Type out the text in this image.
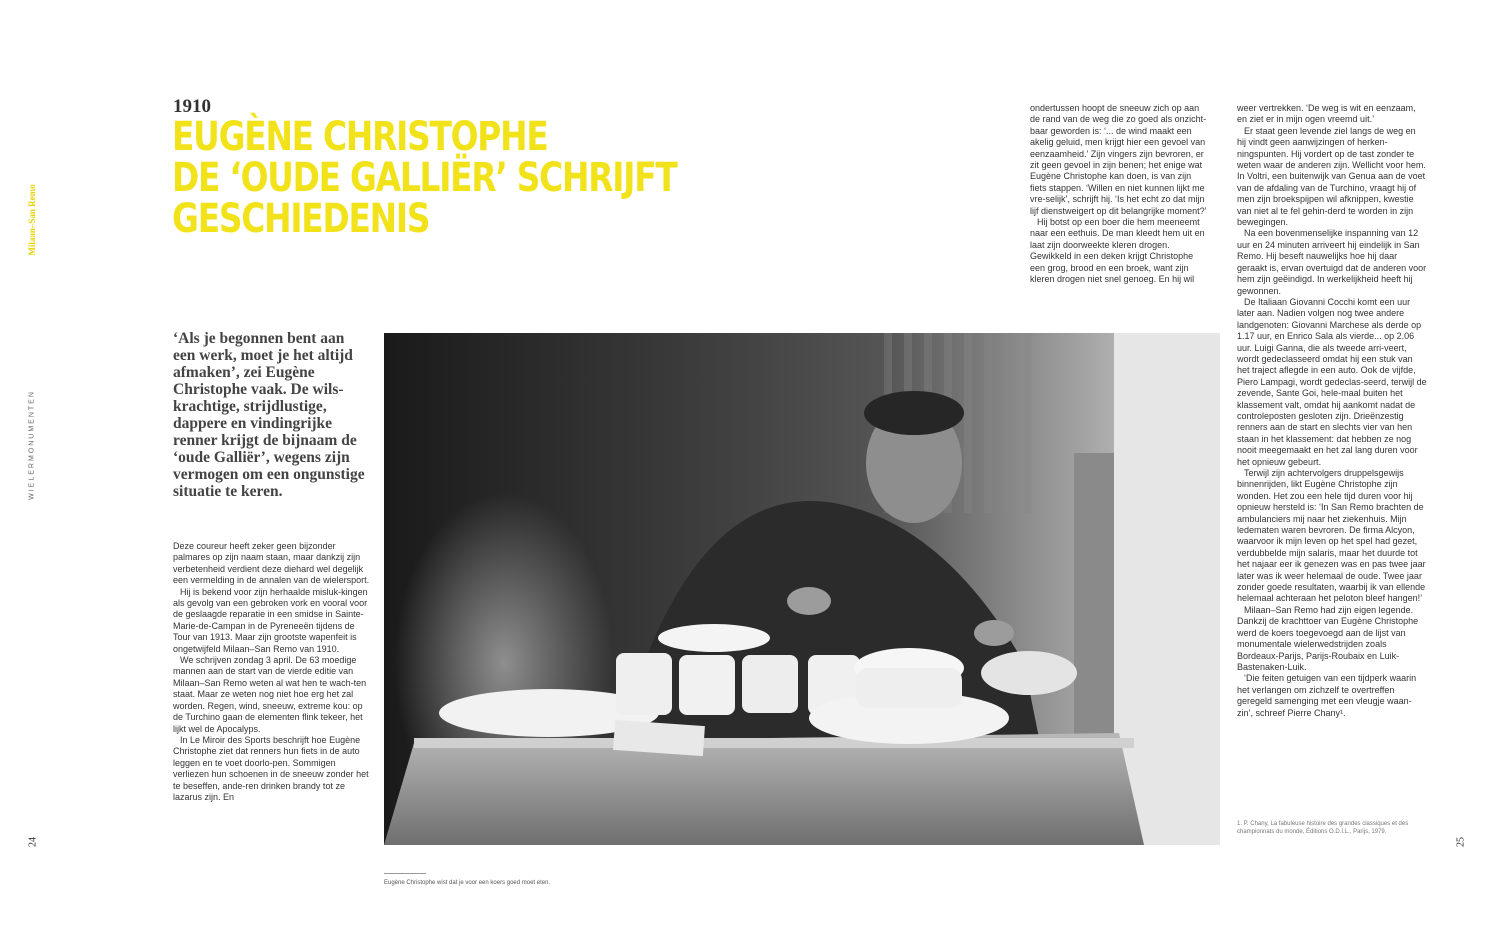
Milaan–San Remo
WIELERMONUMENTEN
24	25
1910
EUGÈNE CHRISTOPHE
DE ‘OUDE GALLIËR’ SCHRIJFT
GESCHIEDENIS
‘Als je begonnen bent aan een werk, moet je het altijd afmaken’, zei Eugène Christophe vaak. De wils-krachtige, strijdlustige, dappere en vindingrijke renner krijgt de bijnaam de ‘oude Galliër’, wegens zijn vermogen om een ongunstige situatie te keren.

Deze coureur heeft zeker geen bijzonder palmares op zijn naam staan, maar dankzij zijn verbetenheid verdient deze diehard wel degelijk een vermelding in de annalen van de wielersport.

Hij is bekend voor zijn herhaalde misluk-kingen als gevolg van een gebroken vork en vooral voor de geslaagde reparatie in een smidse in Sainte-Marie-de-Campan in de Pyreneeën tijdens de Tour van 1913. Maar zijn grootste wapenfeit is ongetwijfeld Milaan–San Remo van 1910.

We schrijven zondag 3 april. De 63 moedige mannen aan de start van de vierde editie van Milaan–San Remo weten al wat hen te wach-ten staat. Maar ze weten nog niet hoe erg het zal worden. Regen, wind, sneeuw, extreme kou: op de Turchino gaan de elementen flink tekeer, het lijkt wel de Apocalyps.

In Le Miroir des Sports beschrijft hoe Eugène Christophe ziet dat renners hun fiets in de auto leggen en te voet doorlo-pen. Sommigen verliezen hun schoenen in de sneeuw zonder het te beseffen, ande-ren drinken brandy tot ze lazarus zijn. En

ondertussen hoopt de sneeuw zich op aan de rand van de weg die zo goed als onzicht-baar geworden is: ‘... de wind maakt een akelig geluid, men krijgt hier een gevoel van eenzaamheid.’ Zijn vingers zijn bevroren, er zit geen gevoel in zijn benen; het enige wat Eugène Christophe kan doen, is van zijn fiets stappen. ‘Willen en niet kunnen lijkt me vre-selijk’, schrijft hij. ‘Is het echt zo dat mijn lijf dienstweigert op dit belangrijke moment?’

Hij botst op een boer die hem meeneemt naar een eethuis. De man kleedt hem uit en laat zijn doorweekte kleren drogen. Gewikkeld in een deken krijgt Christophe een grog, brood en een broek, want zijn kleren drogen niet snel genoeg. En hij wil

weer vertrekken. ‘De weg is wit en eenzaam, en ziet er in mijn ogen vreemd uit.’

Er staat geen levende ziel langs de weg en hij vindt geen aanwijzingen of herken-ningspunten. Hij vordert op de tast zonder te weten waar de anderen zijn. Wellicht voor hem. In Voltri, een buitenwijk van Genua aan de voet van de afdaling van de Turchino, vraagt hij of men zijn broekspijpen wil afknippen, kwestie van niet al te fel gehin-derd te worden in zijn bewegingen.

Na een bovenmenselijke inspanning van 12 uur en 24 minuten arriveert hij eindelijk in San Remo. Hij beseft nauwelijks hoe hij daar geraakt is, ervan overtuigd dat de anderen voor hem zijn geëindigd. In werkelijkheid heeft hij gewonnen.

De Italiaan Giovanni Cocchi komt een uur later aan. Nadien volgen nog twee andere landgenoten: Giovanni Marchese als derde op 1.17 uur, en Enrico Sala als vierde... op 2.06 uur. Luigi Ganna, die als tweede arri-veert, wordt gedeclasseerd omdat hij een stuk van het traject aflegde in een auto. Ook de vijfde, Piero Lampagi, wordt gedeclas-seerd, terwijl de zevende, Sante Goi, hele-maal buiten het klassement valt, omdat hij aankomt nadat de controleposten gesloten zijn. Drieënzestig renners aan de start en slechts vier van hen staan in het klassement: dat hebben ze nog nooit meegemaakt en het zal lang duren voor het opnieuw gebeurt.

Terwijl zijn achtervolgers druppelsgewijs binnenrijden, likt Eugène Christophe zijn wonden. Het zou een hele tijd duren voor hij opnieuw hersteld is: ‘In San Remo brachten de ambulanciers mij naar het ziekenhuis. Mijn ledematen waren bevroren. De firma Alcyon, waarvoor ik mijn leven op het spel had gezet, verdubbelde mijn salaris, maar het duurde tot het najaar eer ik genezen was en pas twee jaar later was ik weer helemaal de oude. Twee jaar zonder goede resultaten, waarbij ik van ellende helemaal achteraan het peloton bleef hangen!’

Milaan–San Remo had zijn eigen legende. Dankzij de krachttoer van Eugène Christophe werd de koers toegevoegd aan de lijst van monumentale wielerwedstrijden zoals Bordeaux-Parijs, Parijs-Roubaix en Luik-Bastenaken-Luik.

‘Die feiten getuigen van een tijdperk waarin het verlangen om zichzelf te overtreffen geregeld samenging met een vleugje waan-zin’, schreef Pierre Chany¹.

Eugène Christophe wist dat je voor een koers goed moet eten.
1. P. Chany, La fabuleuse histoire des grandes classiques et des championnats du monde, Éditions O.D.I.L., Parijs, 1979.
